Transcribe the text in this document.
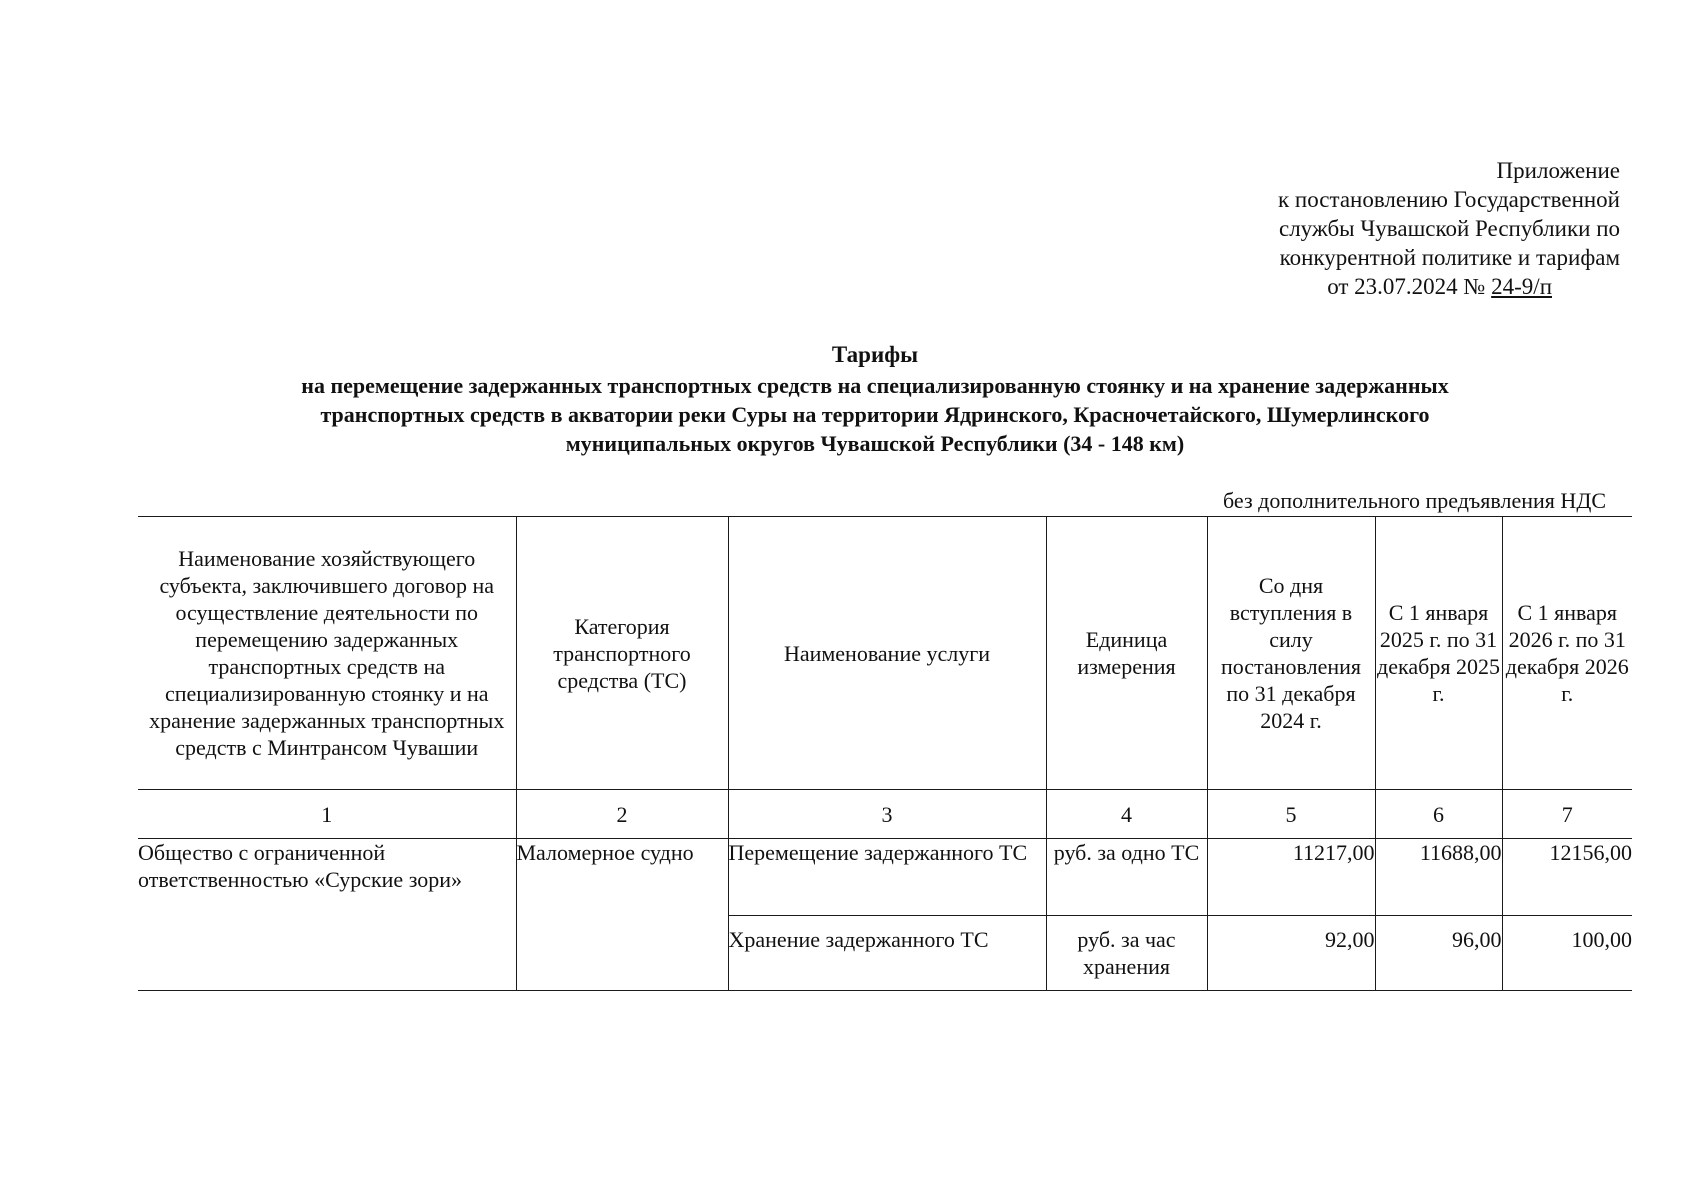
Приложение
к постановлению Государственной
службы Чувашской Республики по
конкурентной политике и тарифам
от 23.07.2024 № 24-9/п
Тарифы
на перемещение задержанных транспортных средств на специализированную стоянку и на хранение задержанных
транспортных средств в акватории реки Суры на территории Ядринского, Красночетайского, Шумерлинского
муниципальных округов Чувашской Республики (34 - 148 км)
без дополнительного предъявления НДС
Наименование хозяйствующего субъекта, заключившего договор на осуществление деятельности по перемещению задержанных транспортных средств на специализированную стоянку и на хранение задержанных транспортных средств с Минтрансом Чувашии	Категория транспортного средства (ТС)	Наименование услуги	Единица измерения	Со дня вступления в силу постановления по 31 декабря 2024 г.	С 1 января 2025 г. по 31 декабря 2025 г.	С 1 января 2026 г. по 31 декабря 2026 г.
1	2	3	4	5	6	7
Общество с ограниченной ответственностью «Сурские зори»	Маломерное судно	Перемещение задержанного ТС	руб. за одно ТС	11217,00	11688,00	12156,00
		Хранение задержанного ТС	руб. за час хранения	92,00	96,00	100,00
